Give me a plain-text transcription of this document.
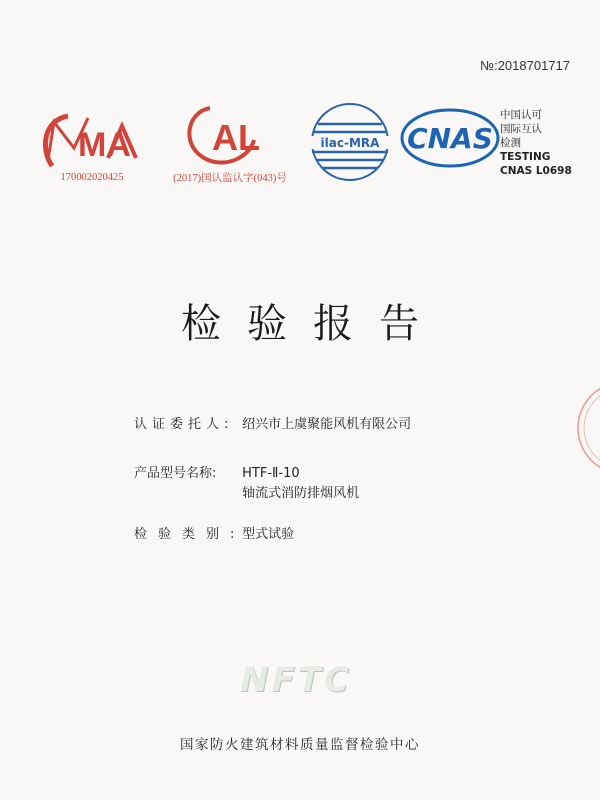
№:2018701717
MA
170002020425
AL
(2017)国认监认字(043)号
ilac-MRA CNAS
中国认可
国际互认
检测
TESTING
CNAS L0698
检验报告
认证委托人: 绍兴市上虞聚能风机有限公司
产品型号名称: HTF-Ⅱ-10
轴流式消防排烟风机
检验类别: 型式试验
NFTC
国家防火建筑材料质量监督检验中心
